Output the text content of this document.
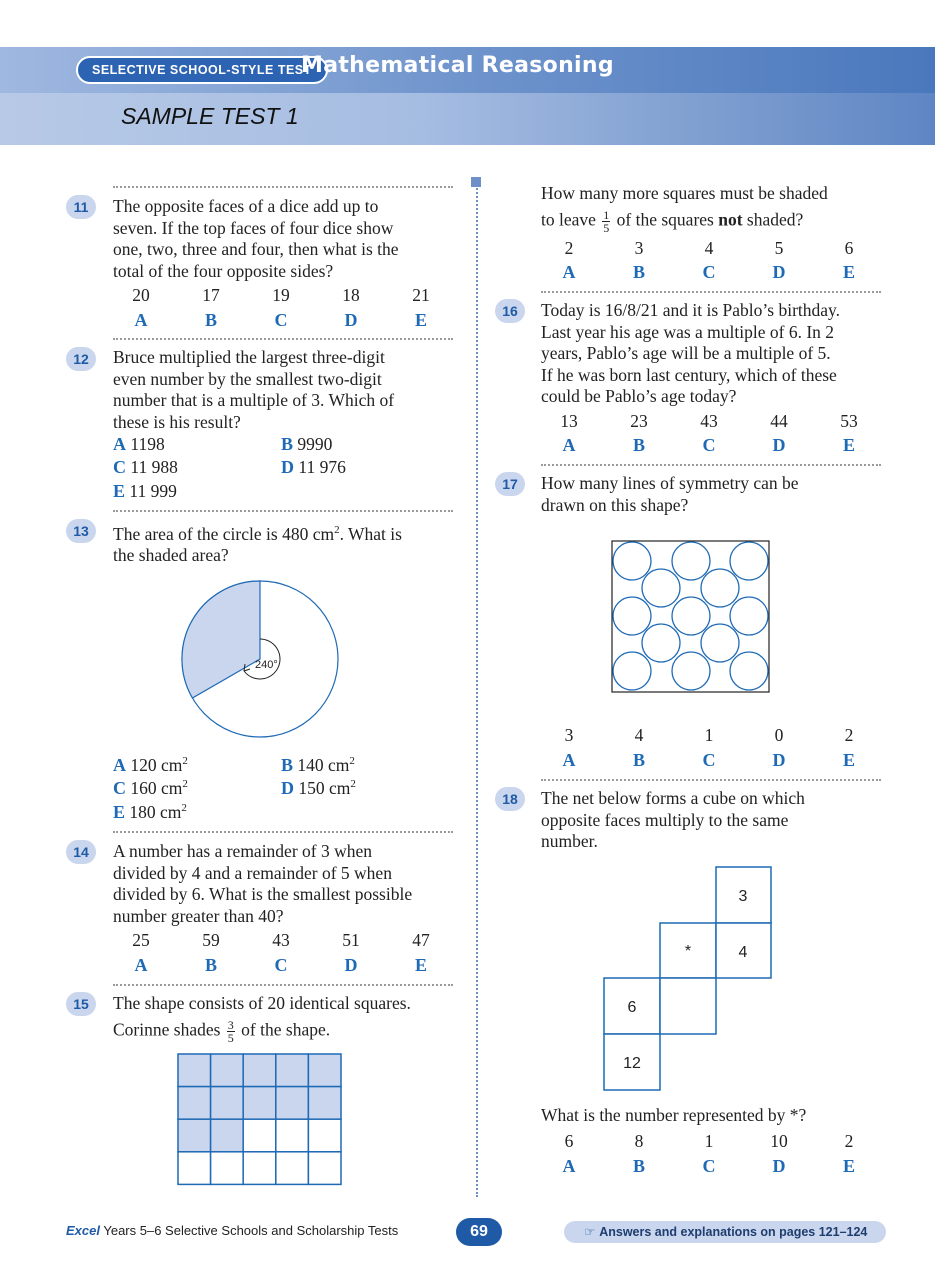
SELECTIVE SCHOOL-STYLE TEST
Mathematical Reasoning
SAMPLE TEST 1
11	The opposite faces of a dice add up to
seven. If the top faces of four dice show
one, two, three and four, then what is the
total of the four opposite sides?
20	17	19	18	21
A	B	C	D	E
12	Bruce multiplied the largest three-digit
even number by the smallest two-digit
number that is a multiple of 3. Which of
these is his result?
A 1198	B 9990
C 11 988	D 11 976
E 11 999
13	The area of the circle is 480 $cm^2$. What is
the shaded area?
240°
A 120 $cm^2$	B 140 $cm^2$
C 160 $cm^2$	D 150 $cm^2$
E 180 $cm^2$
14	A number has a remainder of 3 when
divided by 4 and a remainder of 5 when
divided by 6. What is the smallest possible
number greater than 40?
25	59	43	51	47
A	B	C	D	E
15	The shape consists of 20 identical squares.
Corinne shades $\frac{3}{5}$ of the shape.
How many more squares must be shaded
to leave $\frac{1}{5}$ of the squares not shaded?
2	3	4	5	6
A	B	C	D	E
16	Today is 16/8/21 and it is Pablo’s birthday.
Last year his age was a multiple of 6. In 2
years, Pablo’s age will be a multiple of 5.
If he was born last century, which of these
could be Pablo’s age today?
13	23	43	44	53
A	B	C	D	E
17	How many lines of symmetry can be
drawn on this shape?
3	4	1	0	2
A	B	C	D	E
18	The net below forms a cube on which
opposite faces multiply to the same
number.
3
*	4
6
12
What is the number represented by *?
6	8	1	10	2
A	B	C	D	E
Excel Years 5–6 Selective Schools and Scholarship Tests	69	☞ Answers and explanations on pages 121–124
